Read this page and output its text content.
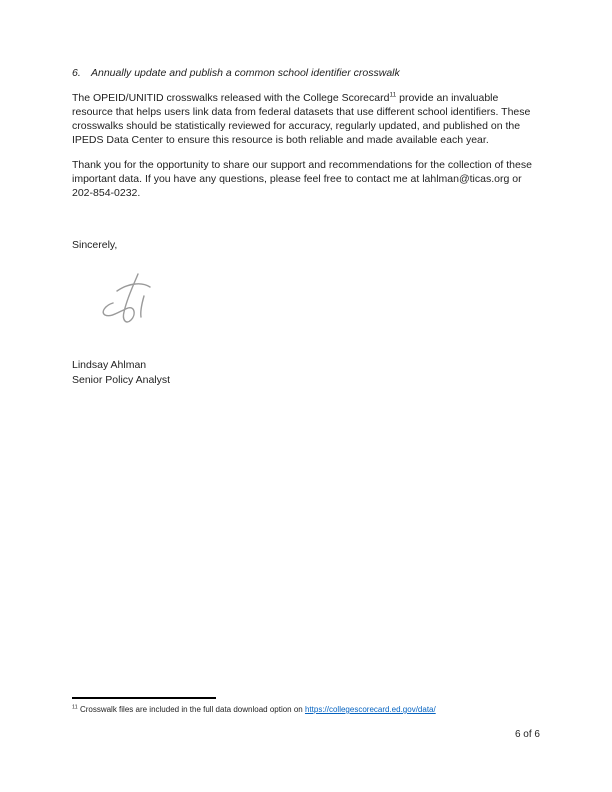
6. Annually update and publish a common school identifier crosswalk

The OPEID/UNITID crosswalks released with the College Scorecard$^{11}$ provide an invaluable resource that helps users link data from federal datasets that use different school identifiers. These crosswalks should be statistically reviewed for accuracy, regularly updated, and published on the IPEDS Data Center to ensure this resource is both reliable and made available each year.

Thank you for the opportunity to share our support and recommendations for the collection of these important data. If you have any questions, please feel free to contact me at lahlman@ticas.org or 202-854-0232.

Sincerely,
Lindsay Ahlman
Senior Policy Analyst
$^{11}$ Crosswalk files are included in the full data download option on https://collegescorecard.ed.gov/data/
6 of 6
